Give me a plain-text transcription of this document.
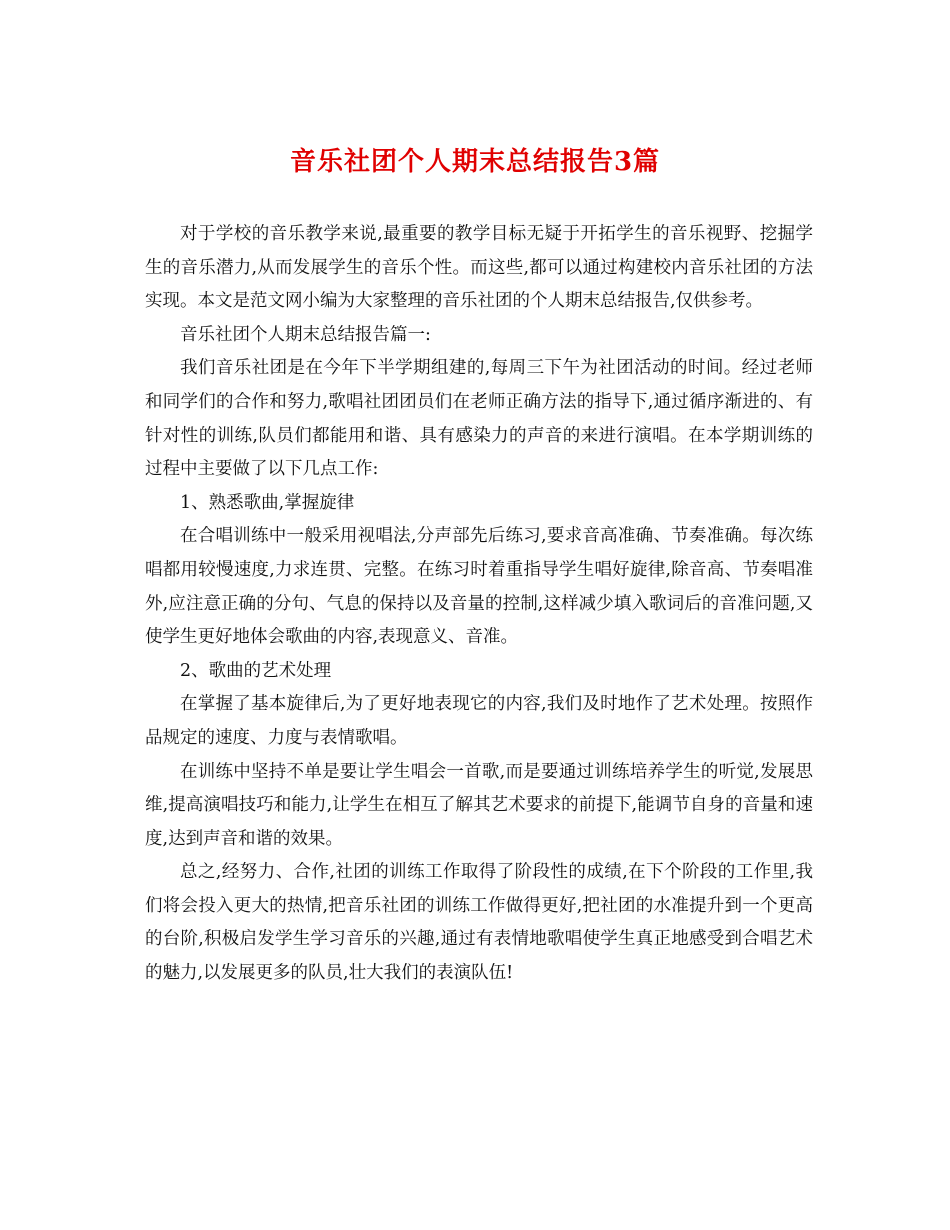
音乐社团个人期末总结报告3篇

对于学校的音乐教学来说,最重要的教学目标无疑于开拓学生的音乐视野、挖掘学生的音乐潜力,从而发展学生的音乐个性。而这些,都可以通过构建校内音乐社团的方法实现。本文是范文网小编为大家整理的音乐社团的个人期末总结报告,仅供参考。

音乐社团个人期末总结报告篇一:

我们音乐社团是在今年下半学期组建的,每周三下午为社团活动的时间。经过老师和同学们的合作和努力,歌唱社团团员们在老师正确方法的指导下,通过循序渐进的、有针对性的训练,队员们都能用和谐、具有感染力的声音的来进行演唱。在本学期训练的过程中主要做了以下几点工作:

1、熟悉歌曲,掌握旋律

在合唱训练中一般采用视唱法,分声部先后练习,要求音高准确、节奏准确。每次练唱都用较慢速度,力求连贯、完整。在练习时着重指导学生唱好旋律,除音高、节奏唱准外,应注意正确的分句、气息的保持以及音量的控制,这样减少填入歌词后的音准问题,又使学生更好地体会歌曲的内容,表现意义、音准。

2、歌曲的艺术处理

在掌握了基本旋律后,为了更好地表现它的内容,我们及时地作了艺术处理。按照作品规定的速度、力度与表情歌唱。

在训练中坚持不单是要让学生唱会一首歌,而是要通过训练培养学生的听觉,发展思维,提高演唱技巧和能力,让学生在相互了解其艺术要求的前提下,能调节自身的音量和速度,达到声音和谐的效果。

总之,经努力、合作,社团的训练工作取得了阶段性的成绩,在下个阶段的工作里,我们将会投入更大的热情,把音乐社团的训练工作做得更好,把社团的水准提升到一个更高的台阶,积极启发学生学习音乐的兴趣,通过有表情地歌唱使学生真正地感受到合唱艺术的魅力,以发展更多的队员,壮大我们的表演队伍!
